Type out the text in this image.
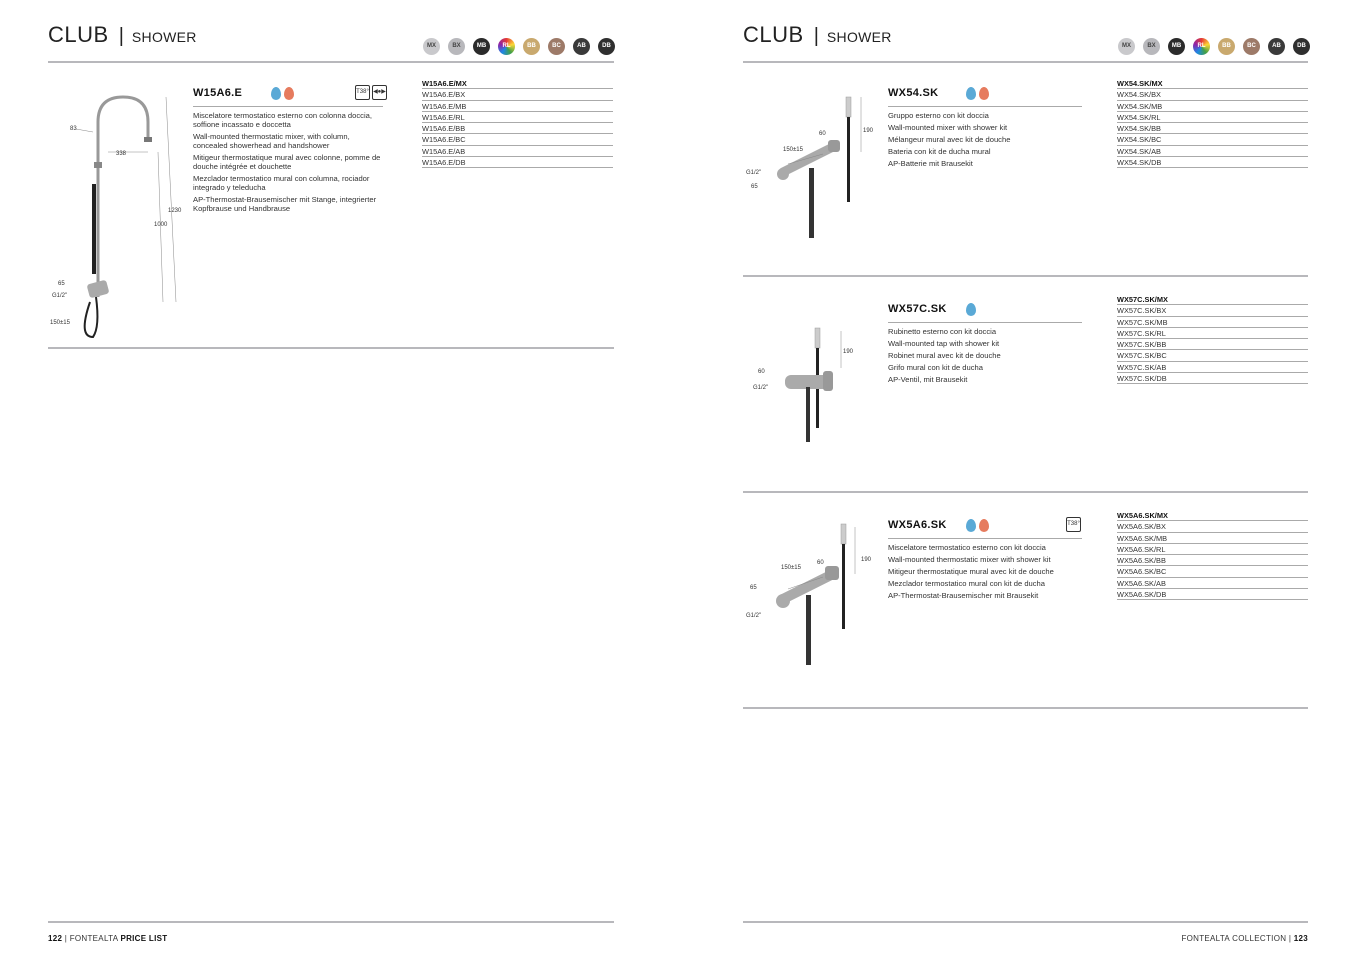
CLUB | SHOWER
MX	BX	MB	RL	BB	BC	AB	DB
83
338
1230
1000
65
G1/2"
150±15
W15A6.E	T38° ◀●▶

Miscelatore termostatico esterno con colonna doccia, soffione incassato e doccetta

Wall-mounted thermostatic mixer, with column, concealed showerhead and handshower

Mitigeur thermostatique mural avec colonne, pomme de douche intégrée et douchette

Mezclador termostatico mural con columna, rociador integrado y teleducha

AP-Thermostat-Brausemischer mit Stange, integrierter Kopfbrause und Handbrause

W15A6.E/MX
W15A6.E/BX
W15A6.E/MB
W15A6.E/RL
W15A6.E/BB
W15A6.E/BC
W15A6.E/AB
W15A6.E/DB
122 | FONTEALTA PRICE LIST
CLUB | SHOWER
MX	BX	MB	RL	BB	BC	AB	DB
60	190
150±15
G1/2"
65
WX54.SK

Gruppo esterno con kit doccia

Wall-mounted mixer with shower kit

Mélangeur mural avec kit de douche

Bateria con kit de ducha mural

AP-Batterie mit Brausekit

WX54.SK/MX
WX54.SK/BX
WX54.SK/MB
WX54.SK/RL
WX54.SK/BB
WX54.SK/BC
WX54.SK/AB
WX54.SK/DB
190
60
G1/2"
WX57C.SK

Rubinetto esterno con kit doccia

Wall-mounted tap with shower kit

Robinet mural avec kit de douche

Grifo mural con kit de ducha

AP-Ventil, mit Brausekit

WX57C.SK/MX
WX57C.SK/BX
WX57C.SK/MB
WX57C.SK/RL
WX57C.SK/BB
WX57C.SK/BC
WX57C.SK/AB
WX57C.SK/DB
60	190
150±15
65
G1/2"
WX5A6.SK	T38°

Miscelatore termostatico esterno con kit doccia

Wall-mounted thermostatic mixer with shower kit

Mitigeur thermostatique mural avec kit de douche

Mezclador termostatico mural con kit de ducha

AP-Thermostat-Brausemischer mit Brausekit

WX5A6.SK/MX
WX5A6.SK/BX
WX5A6.SK/MB
WX5A6.SK/RL
WX5A6.SK/BB
WX5A6.SK/BC
WX5A6.SK/AB
WX5A6.SK/DB
FONTEALTA COLLECTION | 123
